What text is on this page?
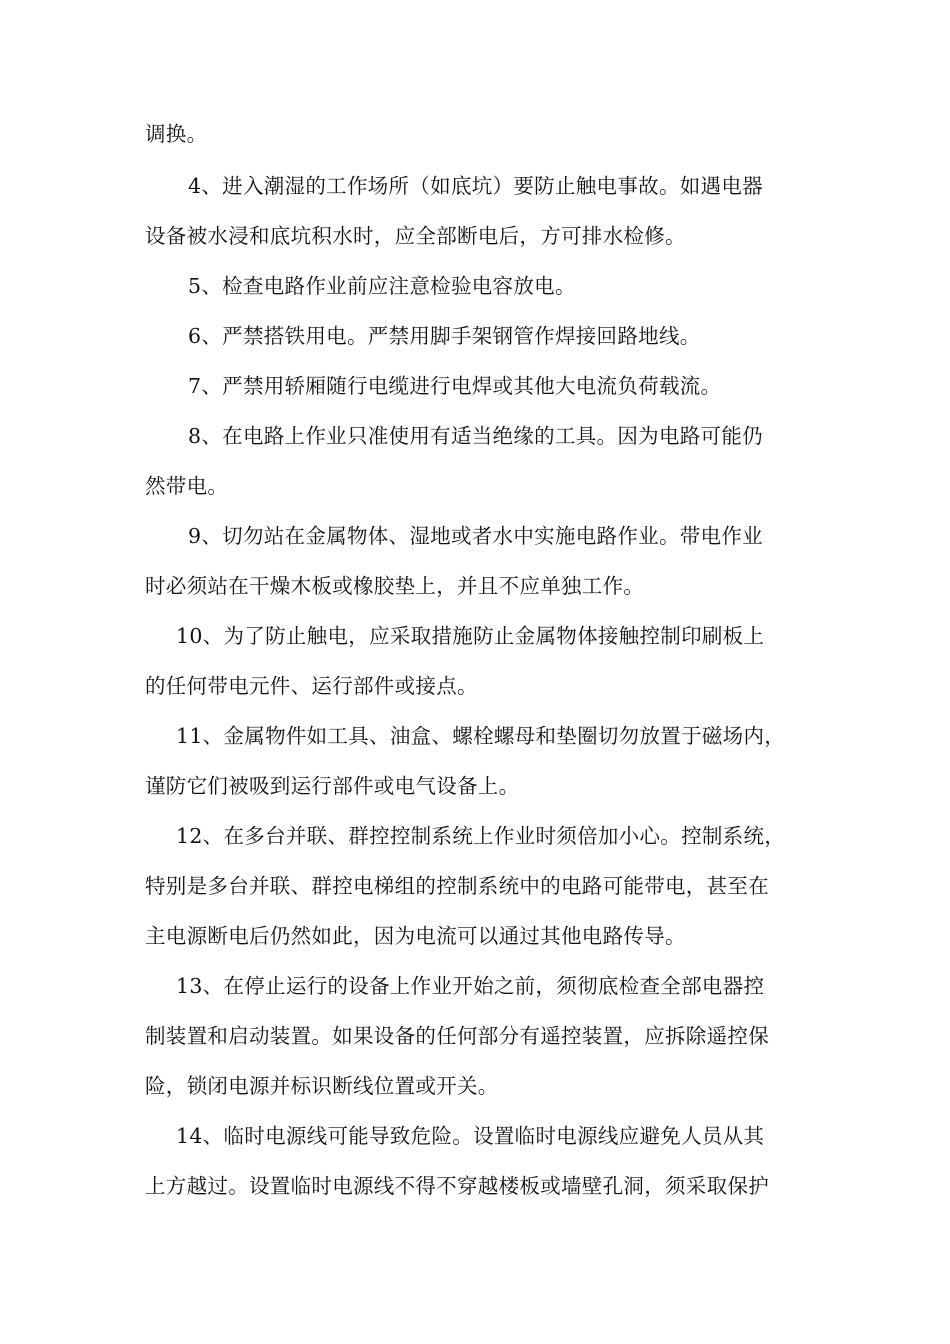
调换。
4、进入潮湿的工作场所（如底坑）要防止触电事故。如遇电器
设备被水浸和底坑积水时，应全部断电后，方可排水检修。
5、检查电路作业前应注意检验电容放电。
6、严禁搭铁用电。严禁用脚手架钢管作焊接回路地线。
7、严禁用轿厢随行电缆进行电焊或其他大电流负荷载流。
8、在电路上作业只准使用有适当绝缘的工具。因为电路可能仍
然带电。
9、切勿站在金属物体、湿地或者水中实施电路作业。带电作业
时必须站在干燥木板或橡胶垫上，并且不应单独工作。
10、为了防止触电，应采取措施防止金属物体接触控制印刷板上
的任何带电元件、运行部件或接点。
11、金属物件如工具、油盒、螺栓螺母和垫圈切勿放置于磁场内，
谨防它们被吸到运行部件或电气设备上。
12、在多台并联、群控控制系统上作业时须倍加小心。控制系统，
特别是多台并联、群控电梯组的控制系统中的电路可能带电，甚至在
主电源断电后仍然如此，因为电流可以通过其他电路传导。
13、在停止运行的设备上作业开始之前，须彻底检查全部电器控
制装置和启动装置。如果设备的任何部分有遥控装置，应拆除遥控保
险，锁闭电源并标识断线位置或开关。
14、临时电源线可能导致危险。设置临时电源线应避免人员从其
上方越过。设置临时电源线不得不穿越楼板或墙壁孔洞，须采取保护
